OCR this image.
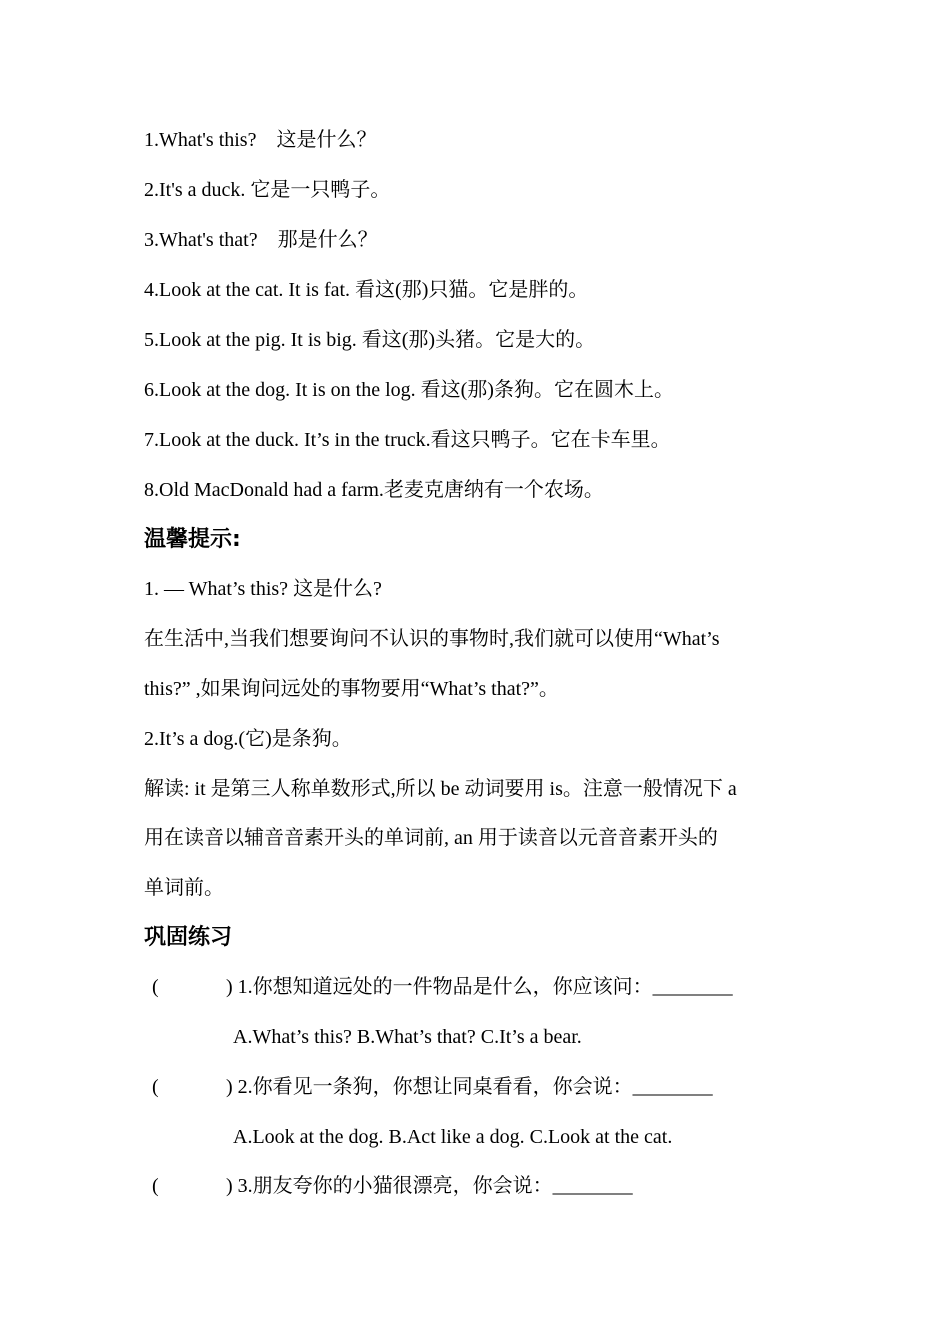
1.What's this?　这是什么？
2.It's a duck. 它是一只鸭子。
3.What's that?　那是什么？
4.Look at the cat. It is fat. 看这(那)只猫。它是胖的。
5.Look at the pig. It is big. 看这(那)头猪。它是大的。
6.Look at the dog. It is on the log. 看这(那)条狗。它在圆木上。
7.Look at the duck. It’s in the truck.看这只鸭子。它在卡车里。
8.Old MacDonald had a farm.老麦克唐纳有一个农场。
温馨提示:
1. — What’s this? 这是什么?
在生活中,当我们想要询问不认识的事物时,我们就可以使用“What’s
this?” ,如果询问远处的事物要用“What’s that?”。
2.It’s a dog.(它)是条狗。
解读: it 是第三人称单数形式,所以 be 动词要用 is。注意一般情况下 a
用在读音以辅音音素开头的单词前, an 用于读音以元音音素开头的
单词前。
巩固练习
(	) 1.你想知道远处的一件物品是什么，你应该问：________
A.What’s this? B.What’s that? C.It’s a bear.
(	) 2.你看见一条狗，你想让同桌看看，你会说：________
A.Look at the dog. B.Act like a dog. C.Look at the cat.
(	) 3.朋友夸你的小猫很漂亮，你会说：________
